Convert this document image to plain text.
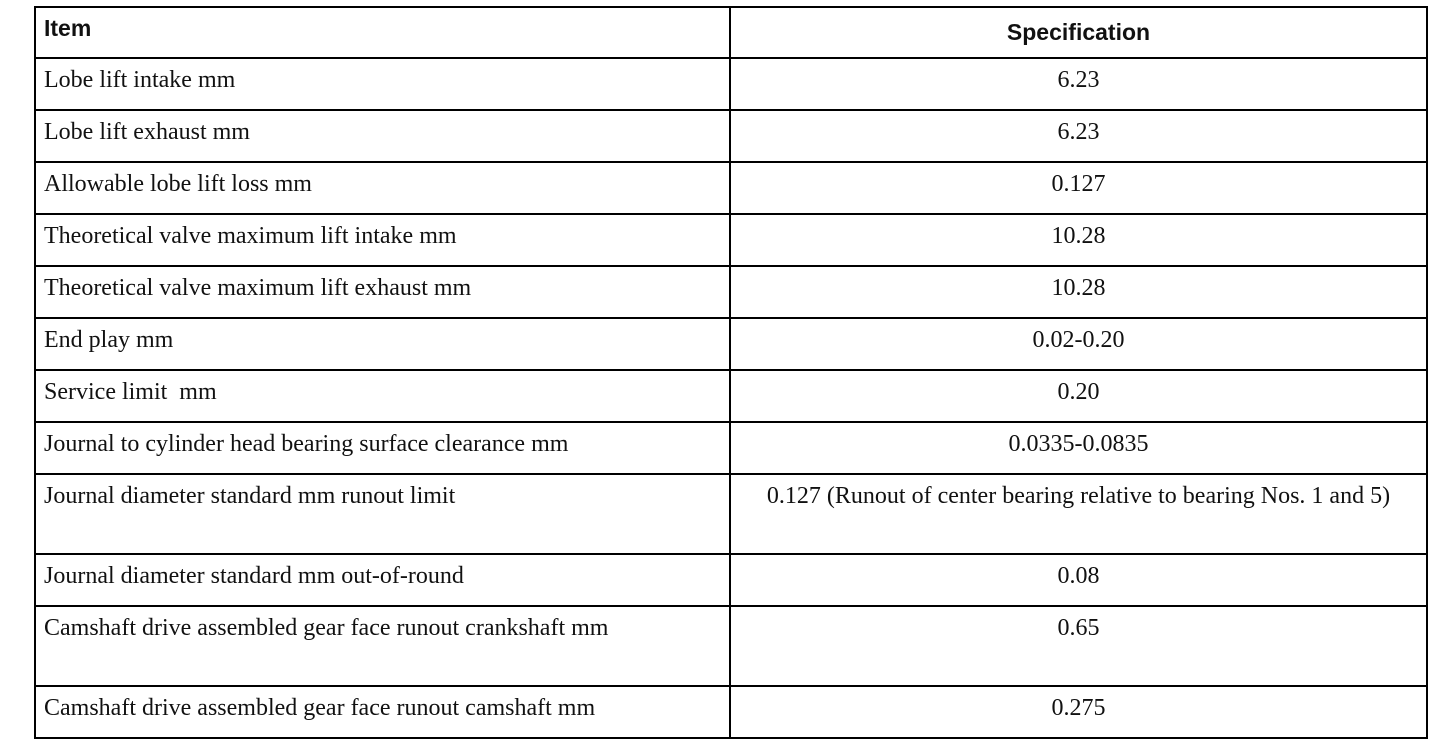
Item	Specification
Lobe lift intake mm	6.23
Lobe lift exhaust mm	6.23
Allowable lobe lift loss mm	0.127
Theoretical valve maximum lift intake mm	10.28
Theoretical valve maximum lift exhaust mm	10.28
End play mm	0.02-0.20
Service limit  mm	0.20
Journal to cylinder head bearing surface clearance mm	0.0335-0.0835
Journal diameter standard mm runout limit	0.127 (Runout of center bearing relative to bearing Nos. 1 and 5)
Journal diameter standard mm out-of-round	0.08
Camshaft drive assembled gear face runout crankshaft mm	0.65
Camshaft drive assembled gear face runout camshaft mm	0.275
